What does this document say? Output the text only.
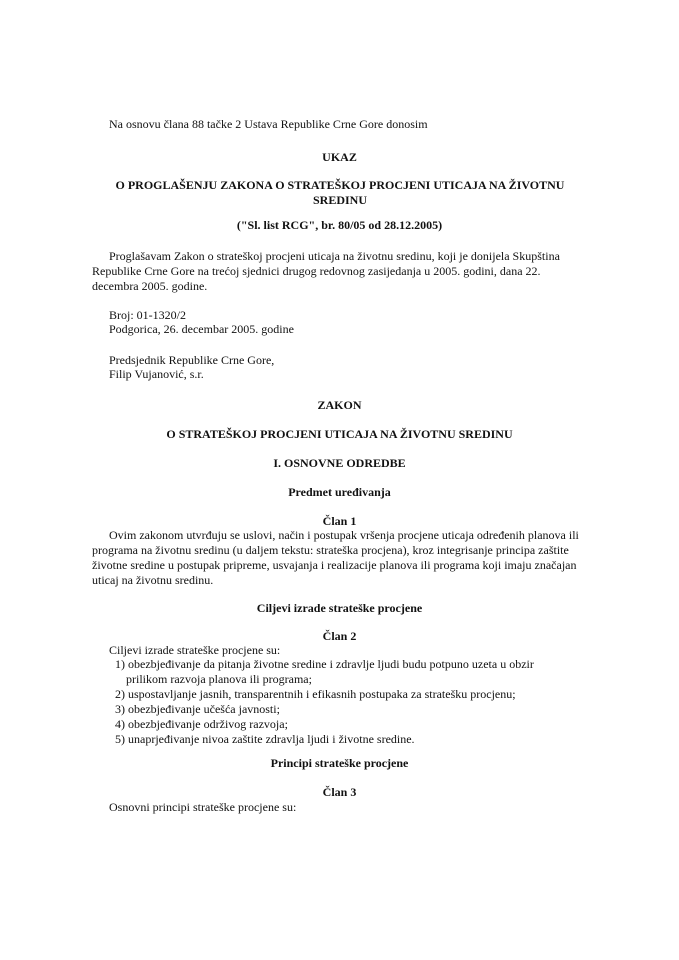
Na osnovu člana 88 tačke 2 Ustava Republike Crne Gore donosim

UKAZ

O PROGLAŠENJU ZAKONA O STRATEŠKOJ PROCJENI UTICAJA NA ŽIVOTNU SREDINU

("Sl. list RCG", br. 80/05 od 28.12.2005)

Proglašavam Zakon o strateškoj procjeni uticaja na životnu sredinu, koji je donijela Skupština Republike Crne Gore na trećoj sjednici drugog redovnog zasijedanja u 2005. godini, dana 22. decembra 2005. godine.

Broj: 01-1320/2

Podgorica, 26. decembar 2005. godine

Predsjednik Republike Crne Gore,

Filip Vujanović, s.r.

ZAKON

O STRATEŠKOJ PROCJENI UTICAJA NA ŽIVOTNU SREDINU

I. OSNOVNE ODREDBE

Predmet uređivanja

Član 1

Ovim zakonom utvrđuju se uslovi, način i postupak vršenja procjene uticaja određenih planova ili programa na životnu sredinu (u daljem tekstu: strateška procjena), kroz integrisanje principa zaštite životne sredine u postupak pripreme, usvajanja i realizacije planova ili programa koji imaju značajan uticaj na životnu sredinu.

Ciljevi izrade strateške procjene

Član 2

Ciljevi izrade strateške procjene su:

1) obezbjeđivanje da pitanja životne sredine i zdravlje ljudi budu potpuno uzeta u obzir prilikom razvoja planova ili programa;

2) uspostavljanje jasnih, transparentnih i efikasnih postupaka za stratešku procjenu;

3) obezbjeđivanje učešća javnosti;

4) obezbjeđivanje održivog razvoja;

5) unaprjeđivanje nivoa zaštite zdravlja ljudi i životne sredine.

Principi strateške procjene

Član 3

Osnovni principi strateške procjene su:
